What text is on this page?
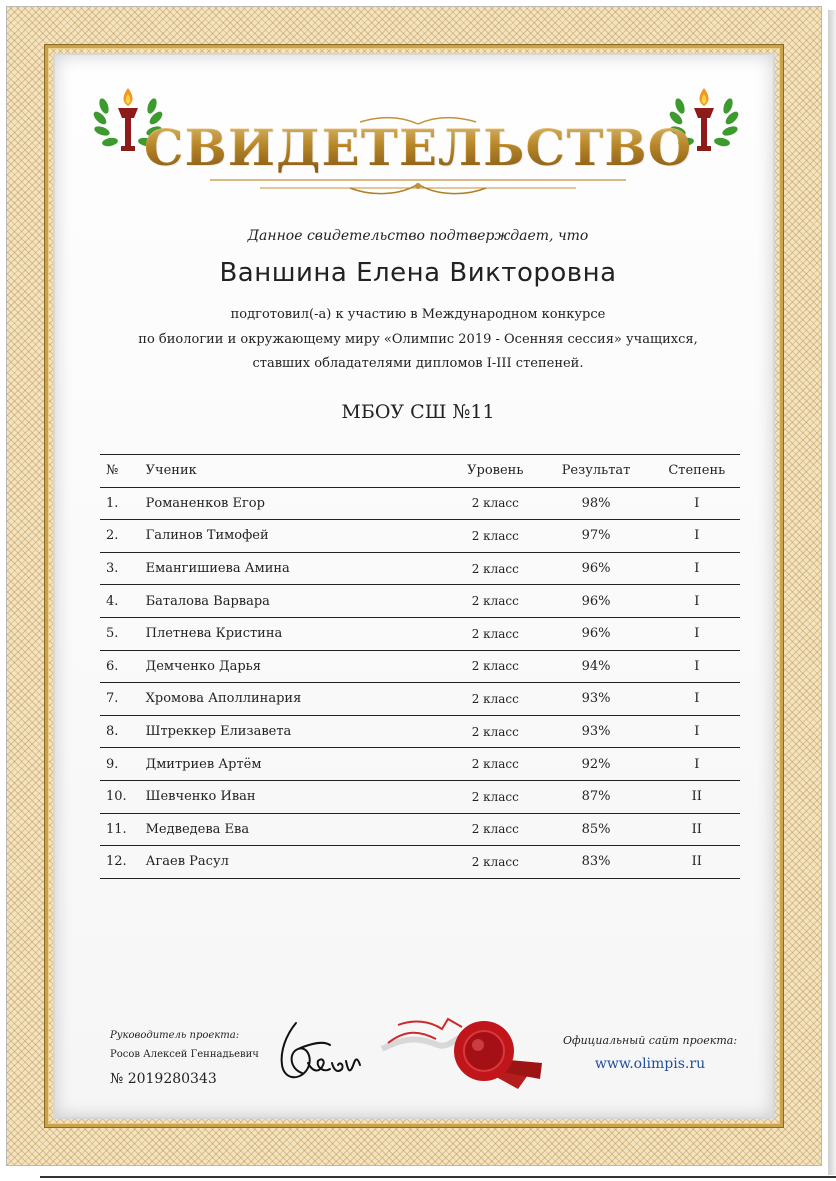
СВИДЕТЕЛЬСТВО
Данное свидетельство подтверждает, что
Ваншина Елена Викторовна
подготовил(-а) к участию в Международном конкурсе
по биологии и окружающему миру «Олимпис 2019 - Осенняя сессия» учащихся,
ставших обладателями дипломов I-III степеней.
МБОУ СШ №11
№	Ученик	Уровень	Результат	Степень
1.	Романенков Егор	2 класс	98%	I
2.	Галинов Тимофей	2 класс	97%	I
3.	Емангишиева Амина	2 класс	96%	I
4.	Баталова Варвара	2 класс	96%	I
5.	Плетнева Кристина	2 класс	96%	I
6.	Демченко Дарья	2 класс	94%	I
7.	Хромова Аполлинария	2 класс	93%	I
8.	Штреккер Елизавета	2 класс	93%	I
9.	Дмитриев Артём	2 класс	92%	I
10.	Шевченко Иван	2 класс	87%	II
11.	Медведева Ева	2 класс	85%	II
12.	Агаев Расул	2 класс	83%	II
Руководитель проекта:
Росов Алексей Геннадьевич
№ 2019280343
Официальный сайт проекта:
www.olimpis.ru
